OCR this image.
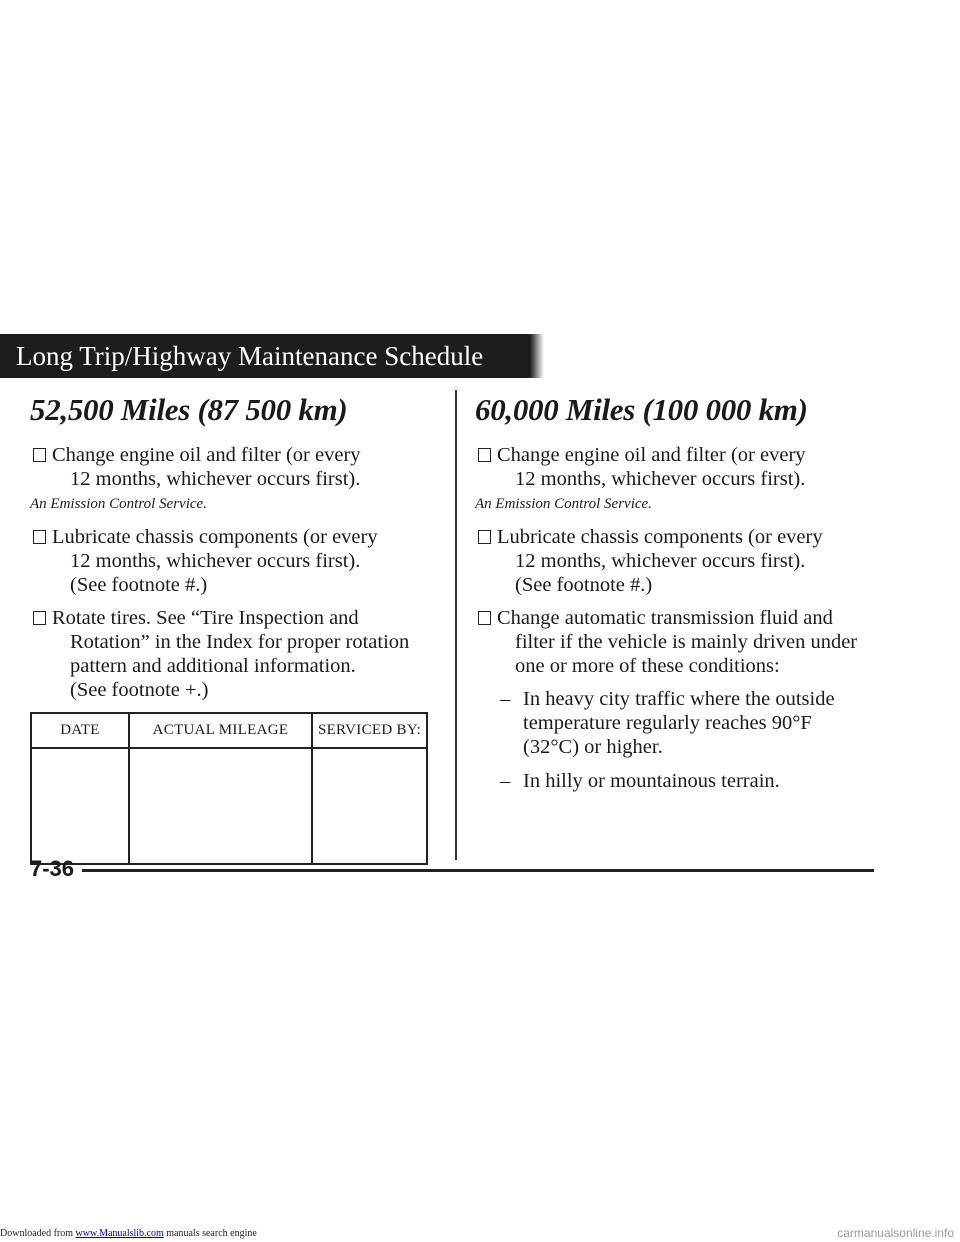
Long Trip/Highway Maintenance Schedule
52,500 Miles (87 500 km)
Change engine oil and filter (or every
12 months, whichever occurs first).
An Emission Control Service.
Lubricate chassis components (or every
12 months, whichever occurs first).
(See footnote #.)
Rotate tires. See “Tire Inspection and
Rotation” in the Index for proper rotation
pattern and additional information.
(See footnote +.)
DATE	ACTUAL MILEAGE	SERVICED BY:
60,000 Miles (100 000 km)
Change engine oil and filter (or every
12 months, whichever occurs first).
An Emission Control Service.
Lubricate chassis components (or every
12 months, whichever occurs first).
(See footnote #.)
Change automatic transmission fluid and
filter if the vehicle is mainly driven under
one or more of these conditions:
– In heavy city traffic where the outside
temperature regularly reaches 90°F
(32°C) or higher.
– In hilly or mountainous terrain.
7-36
Downloaded from www.Manualslib.com manuals search engine	carmanualsonline.info
